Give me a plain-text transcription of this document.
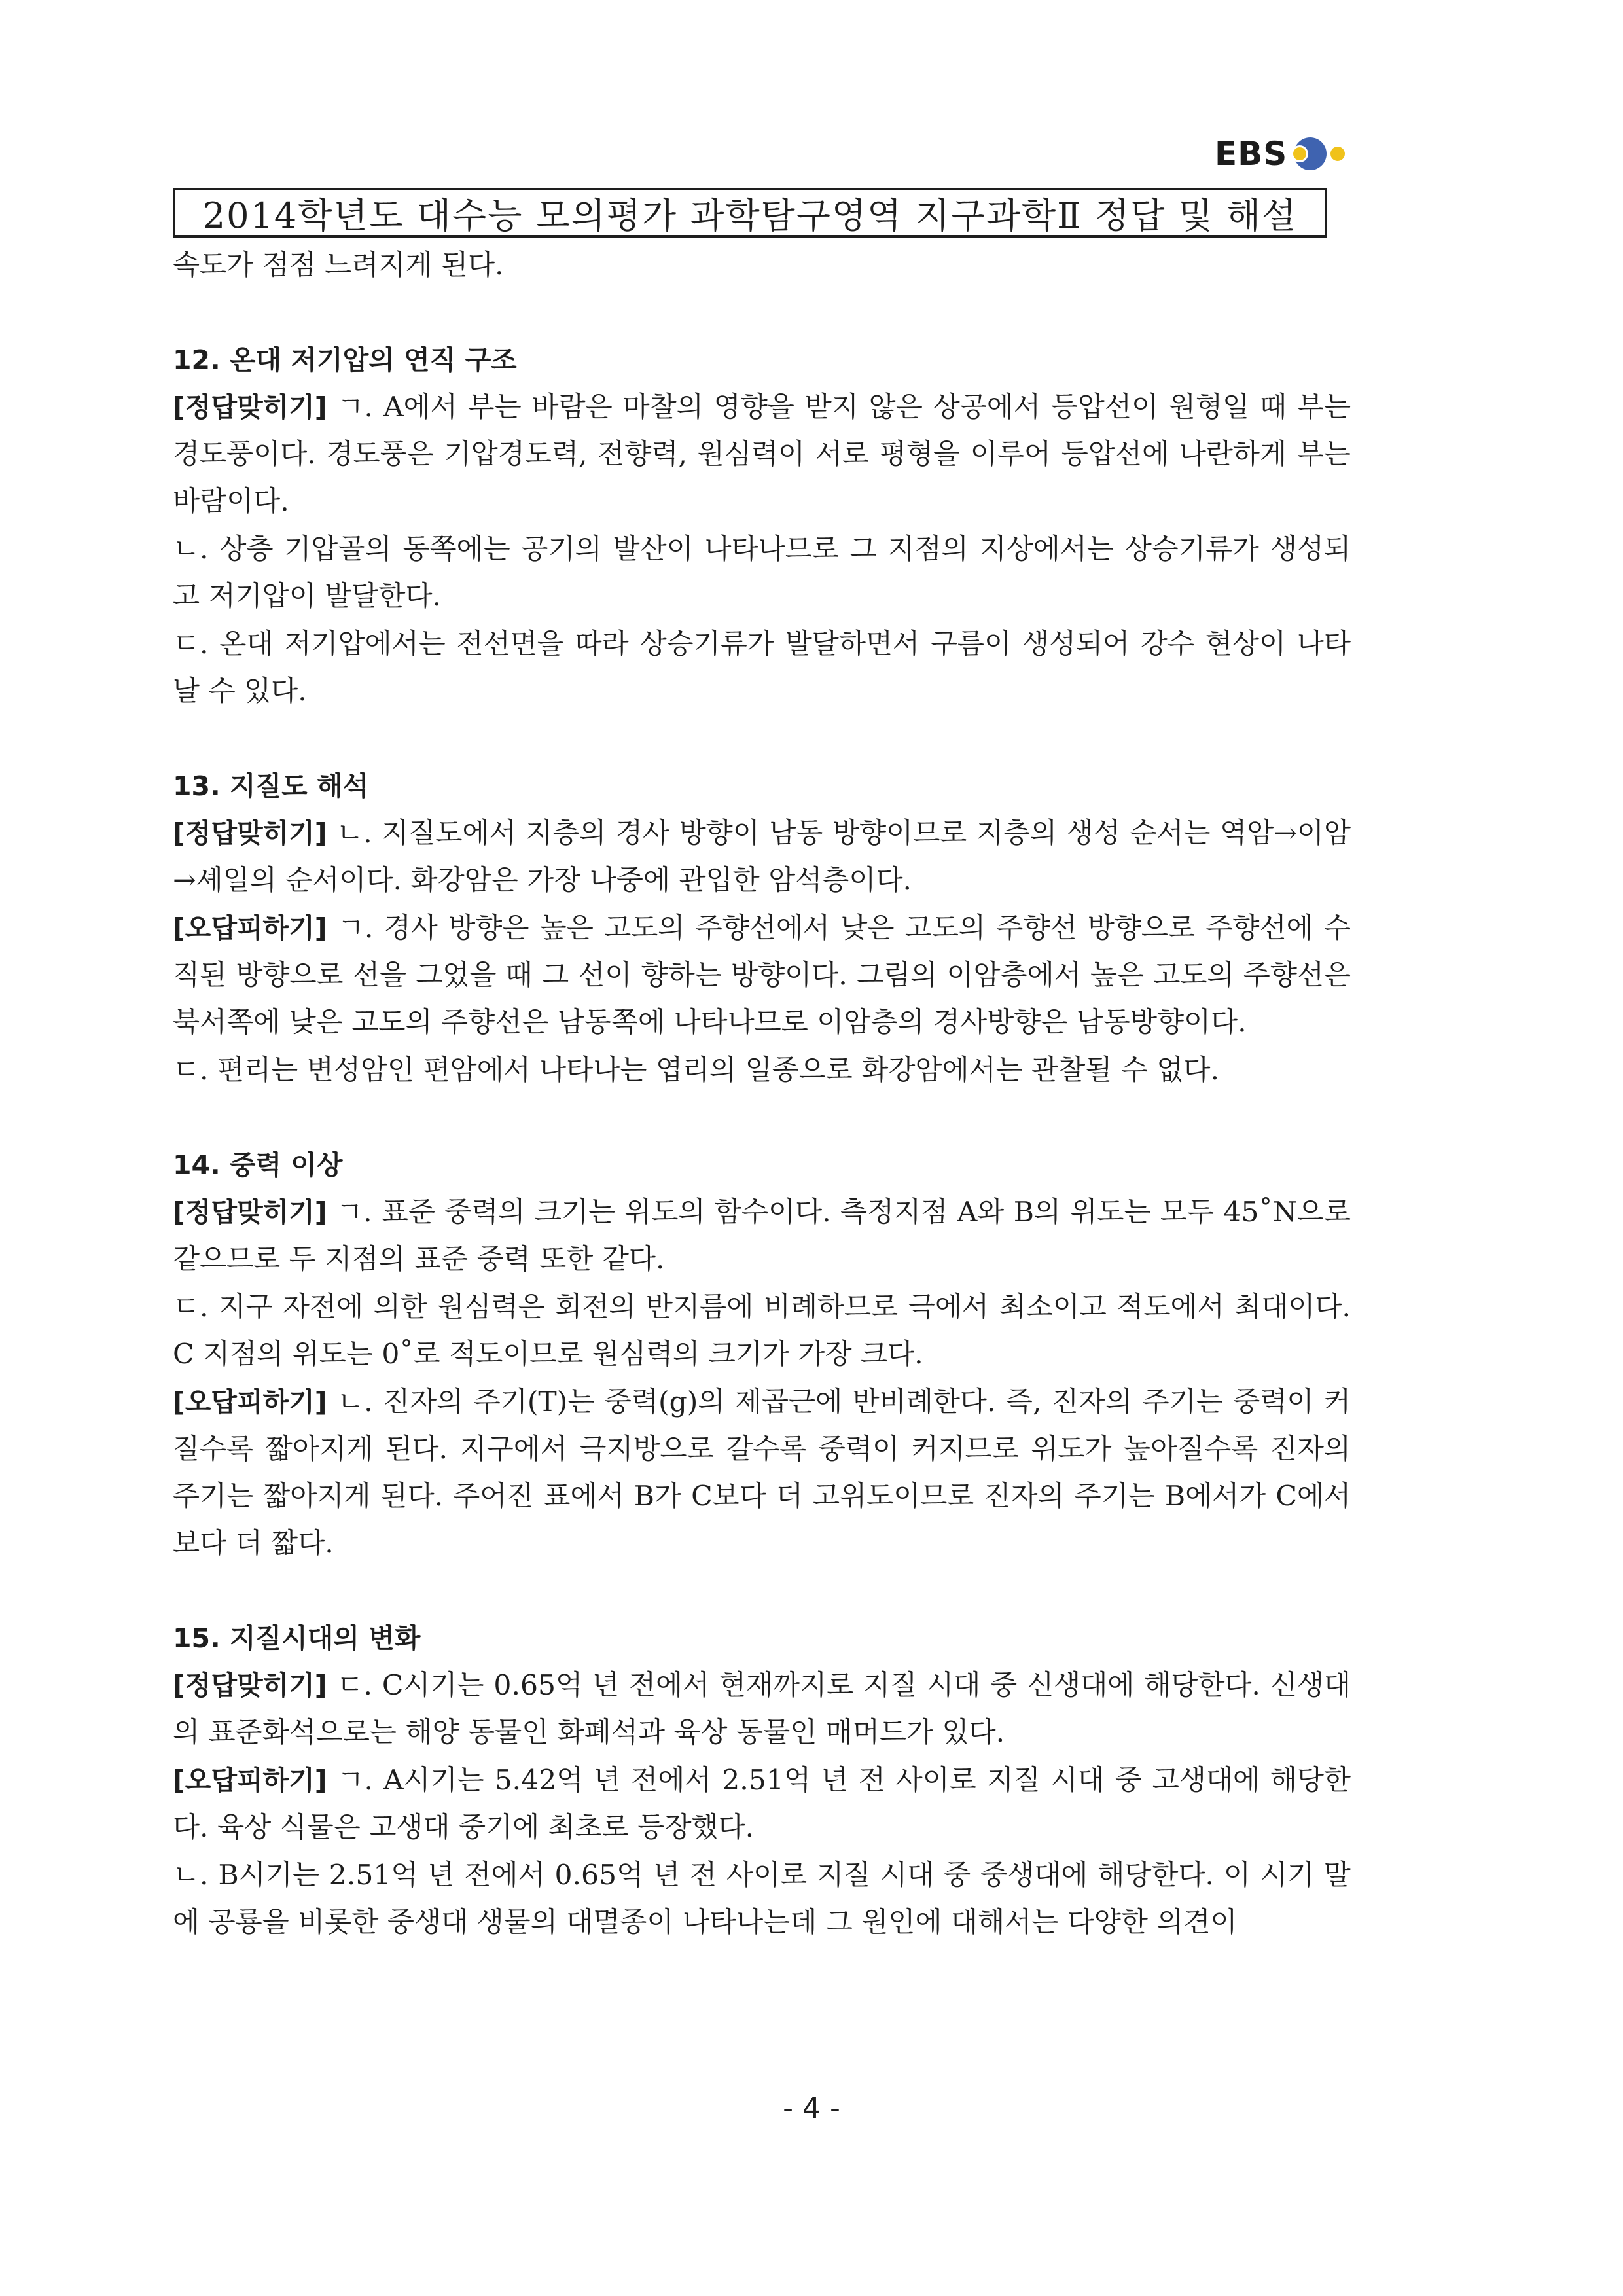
EBS
2014학년도 대수능 모의평가 과학탐구영역 지구과학Ⅱ 정답 및 해설

속도가 점점 느려지게 된다.

12. 온대 저기압의 연직 구조

[정답맞히기] ㄱ. A에서 부는 바람은 마찰의 영향을 받지 않은 상공에서 등압선이 원형일 때 부는 경도풍이다. 경도풍은 기압경도력, 전향력, 원심력이 서로 평형을 이루어 등압선에 나란하게 부는 바람이다.

ㄴ. 상층 기압골의 동쪽에는 공기의 발산이 나타나므로 그 지점의 지상에서는 상승기류가 생성되고 저기압이 발달한다.

ㄷ. 온대 저기압에서는 전선면을 따라 상승기류가 발달하면서 구름이 생성되어 강수 현상이 나타날 수 있다.

13. 지질도 해석

[정답맞히기] ㄴ. 지질도에서 지층의 경사 방향이 남동 방향이므로 지층의 생성 순서는 역암→이암→셰일의 순서이다. 화강암은 가장 나중에 관입한 암석층이다.

[오답피하기] ㄱ. 경사 방향은 높은 고도의 주향선에서 낮은 고도의 주향선 방향으로 주향선에 수직된 방향으로 선을 그었을 때 그 선이 향하는 방향이다. 그림의 이암층에서 높은 고도의 주향선은 북서쪽에 낮은 고도의 주향선은 남동쪽에 나타나므로 이암층의 경사방향은 남동방향이다.

ㄷ. 편리는 변성암인 편암에서 나타나는 엽리의 일종으로 화강암에서는 관찰될 수 없다.

14. 중력 이상

[정답맞히기] ㄱ. 표준 중력의 크기는 위도의 함수이다. 측정지점 A와 B의 위도는 모두 45˚N으로 같으므로 두 지점의 표준 중력 또한 같다.

ㄷ. 지구 자전에 의한 원심력은 회전의 반지름에 비례하므로 극에서 최소이고 적도에서 최대이다. C 지점의 위도는 0˚로 적도이므로 원심력의 크기가 가장 크다.

[오답피하기] ㄴ. 진자의 주기(T)는 중력(g)의 제곱근에 반비례한다. 즉, 진자의 주기는 중력이 커질수록 짧아지게 된다. 지구에서 극지방으로 갈수록 중력이 커지므로 위도가 높아질수록 진자의 주기는 짧아지게 된다. 주어진 표에서 B가 C보다 더 고위도이므로 진자의 주기는 B에서가 C에서보다 더 짧다.

15. 지질시대의 변화

[정답맞히기] ㄷ. C시기는 0.65억 년 전에서 현재까지로 지질 시대 중 신생대에 해당한다. 신생대의 표준화석으로는 해양 동물인 화폐석과 육상 동물인 매머드가 있다.

[오답피하기] ㄱ. A시기는 5.42억 년 전에서 2.51억 년 전 사이로 지질 시대 중 고생대에 해당한다. 육상 식물은 고생대 중기에 최초로 등장했다.

ㄴ. B시기는 2.51억 년 전에서 0.65억 년 전 사이로 지질 시대 중 중생대에 해당한다. 이 시기 말에 공룡을 비롯한 중생대 생물의 대멸종이 나타나는데 그 원인에 대해서는 다양한 의견이

- 4 -
